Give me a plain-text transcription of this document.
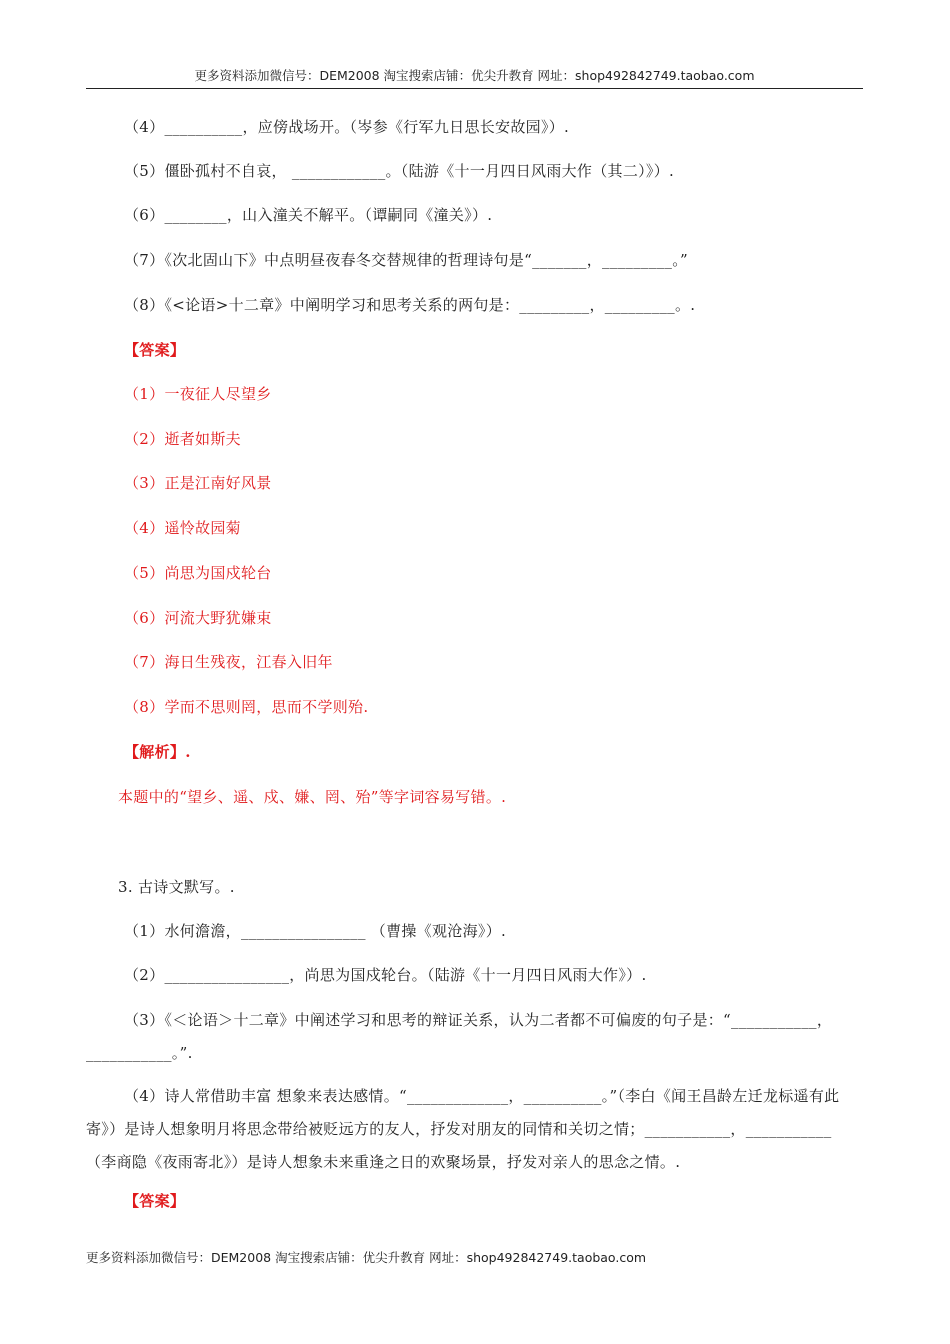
更多资料添加微信号：DEM2008 淘宝搜索店铺：优尖升教育 网址：shop492842749.taobao.com
（4）__________，应傍战场开。（岑参《行军九日思长安故园》）.
（5）僵卧孤村不自哀， ____________。（陆游《十一月四日风雨大作（其二）》）.
（6）________，山入潼关不解平。（谭嗣同《潼关》）.
（7）《次北固山下》中点明昼夜春冬交替规律的哲理诗句是“_______，_________。”
（8）《<论语>十二章》中阐明学习和思考关系的两句是：_________，_________。.
【答案】
（1）一夜征人尽望乡
（2）逝者如斯夫
（3）正是江南好风景
（4）遥怜故园菊
（5）尚思为国戍轮台
（6）河流大野犹嫌束
（7）海日生残夜，江春入旧年
（8）学而不思则罔，思而不学则殆.
【解析】.
本题中的“望乡、遥、戍、嫌、罔、殆”等字词容易写错。.
3. 古诗文默写。.
（1）水何澹澹，________________ （曹操《观沧海》）.
（2）________________，尚思为国戍轮台。（陆游《十一月四日风雨大作》）.
（3）《＜论语＞十二章》中阐述学习和思考的辩证关系，认为二者都不可偏废的句子是：“___________，___________。”.
（4）诗人常借助丰富 想象来表达感情。“_____________，__________。”（李白《闻王昌龄左迁龙标遥有此寄》）是诗人想象明月将思念带给被贬远方的友人，抒发对朋友的同情和关切之情；___________，___________（李商隐《夜雨寄北》）是诗人想象未来重逢之日的欢聚场景，抒发对亲人的思念之情。.
【答案】
更多资料添加微信号：DEM2008 淘宝搜索店铺：优尖升教育 网址：shop492842749.taobao.com
